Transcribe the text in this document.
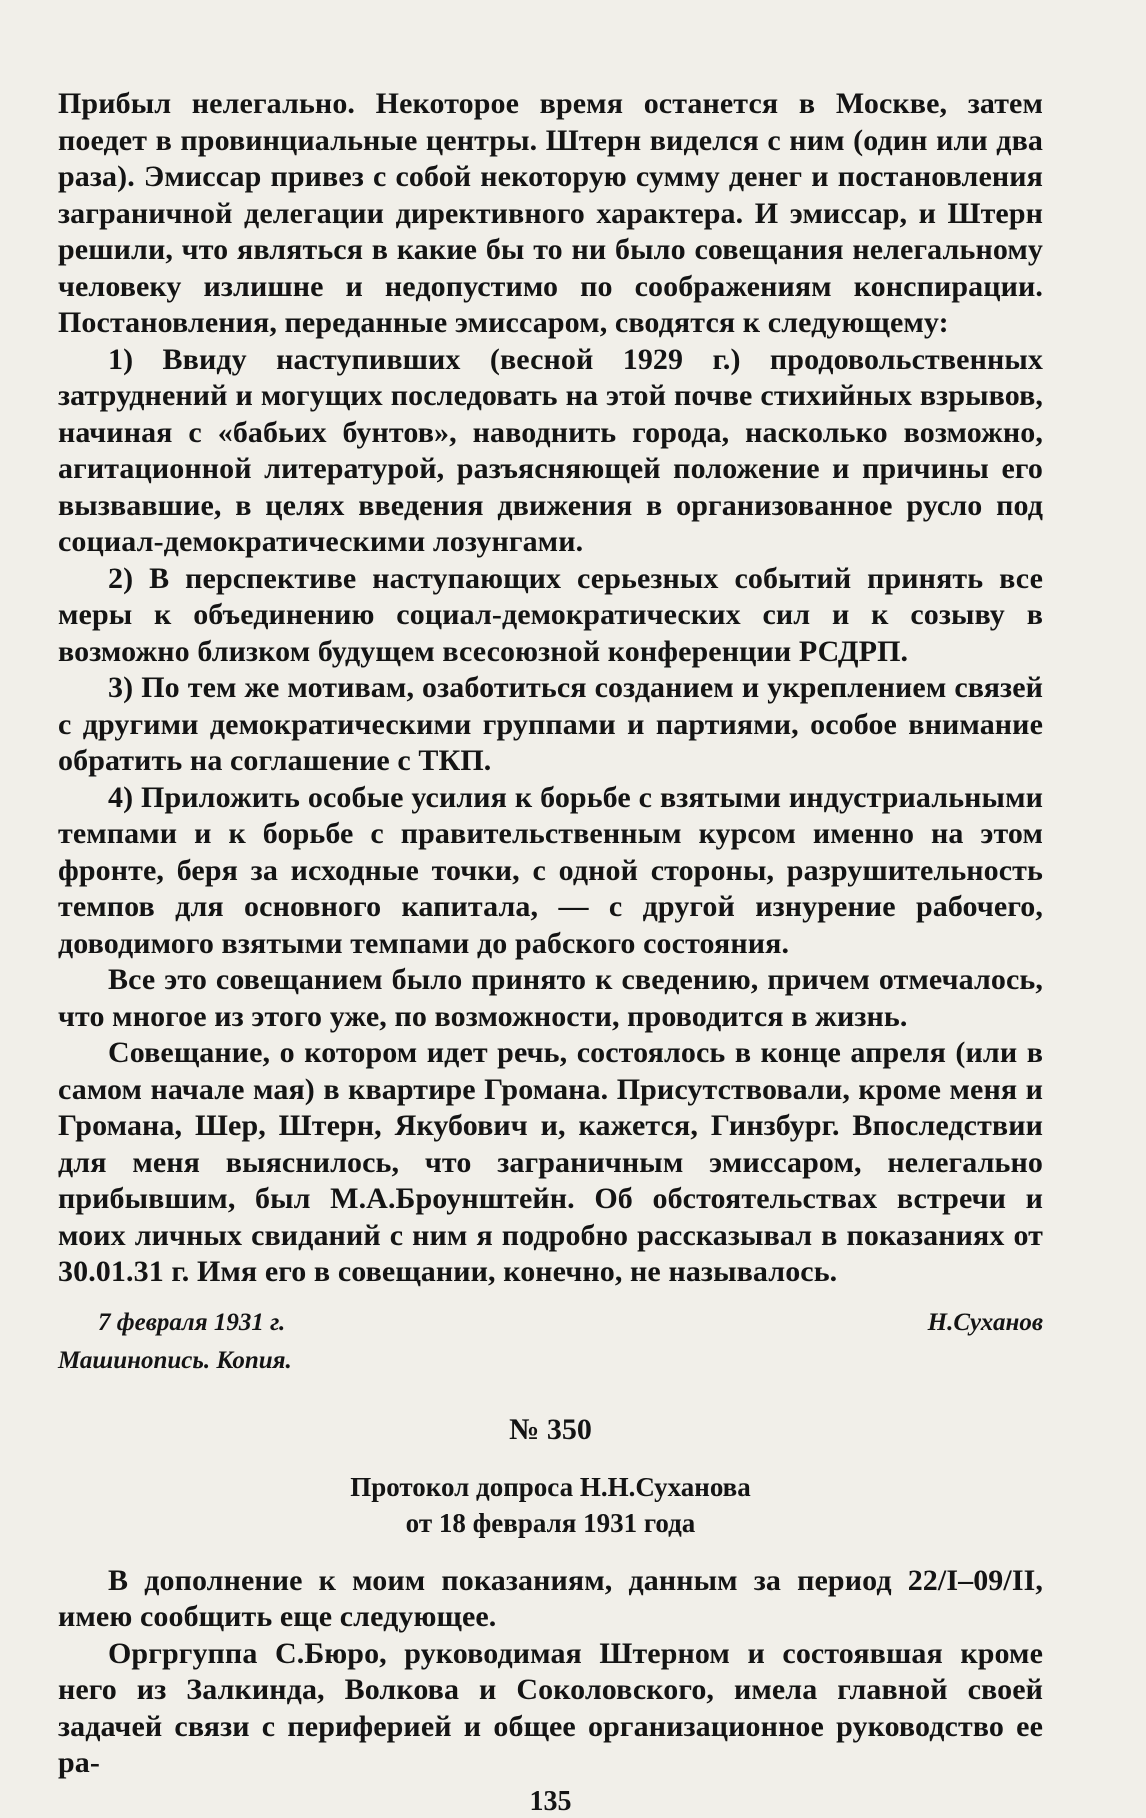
Прибыл нелегально. Некоторое время останется в Москве, затем поедет в провинциальные центры. Штерн виделся с ним (один или два раза). Эмиссар привез с собой некоторую сумму денег и постановления заграничной делегации директивного характера. И эмиссар, и Штерн решили, что являться в какие бы то ни было совещания нелегальному человеку излишне и недопустимо по соображениям конспирации. Постановления, переданные эмиссаром, сводятся к следующему:

1) Ввиду наступивших (весной 1929 г.) продовольственных затруднений и могущих последовать на этой почве стихийных взрывов, начиная с «бабьих бунтов», наводнить города, насколько возможно, агитационной литературой, разъясняющей положение и причины его вызвавшие, в целях введения движения в организованное русло под социал-демократическими лозунгами.

2) В перспективе наступающих серьезных событий принять все меры к объединению социал-демократических сил и к созыву в возможно близком будущем всесоюзной конференции РСДРП.

3) По тем же мотивам, озаботиться созданием и укреплением связей с другими демократическими группами и партиями, особое внимание обратить на соглашение с ТКП.

4) Приложить особые усилия к борьбе с взятыми индустриальными темпами и к борьбе с правительственным курсом именно на этом фронте, беря за исходные точки, с одной стороны, разрушительность темпов для основного капитала, — с другой изнурение рабочего, доводимого взятыми темпами до рабского состояния.

Все это совещанием было принято к сведению, причем отмечалось, что многое из этого уже, по возможности, проводится в жизнь.

Совещание, о котором идет речь, состоялось в конце апреля (или в самом начале мая) в квартире Громана. Присутствовали, кроме меня и Громана, Шер, Штерн, Якубович и, кажется, Гинзбург. Впоследствии для меня выяснилось, что заграничным эмиссаром, нелегально прибывшим, был М.А.Броунштейн. Об обстоятельствах встречи и моих личных свиданий с ним я подробно рассказывал в показаниях от 30.01.31 г. Имя его в совещании, конечно, не называлось.

7 февраля 1931 г.	Н.Суханов
Машинопись. Копия.
№ 350
Протокол допроса Н.Н.Суханова
от 18 февраля 1931 года

В дополнение к моим показаниям, данным за период 22/I–09/II, имею сообщить еще следующее.

Оргргуппа С.Бюро, руководимая Штерном и состоявшая кроме него из Залкинда, Волкова и Соколовского, имела главной своей задачей связи с периферией и общее организационное руководство ее ра-

135
